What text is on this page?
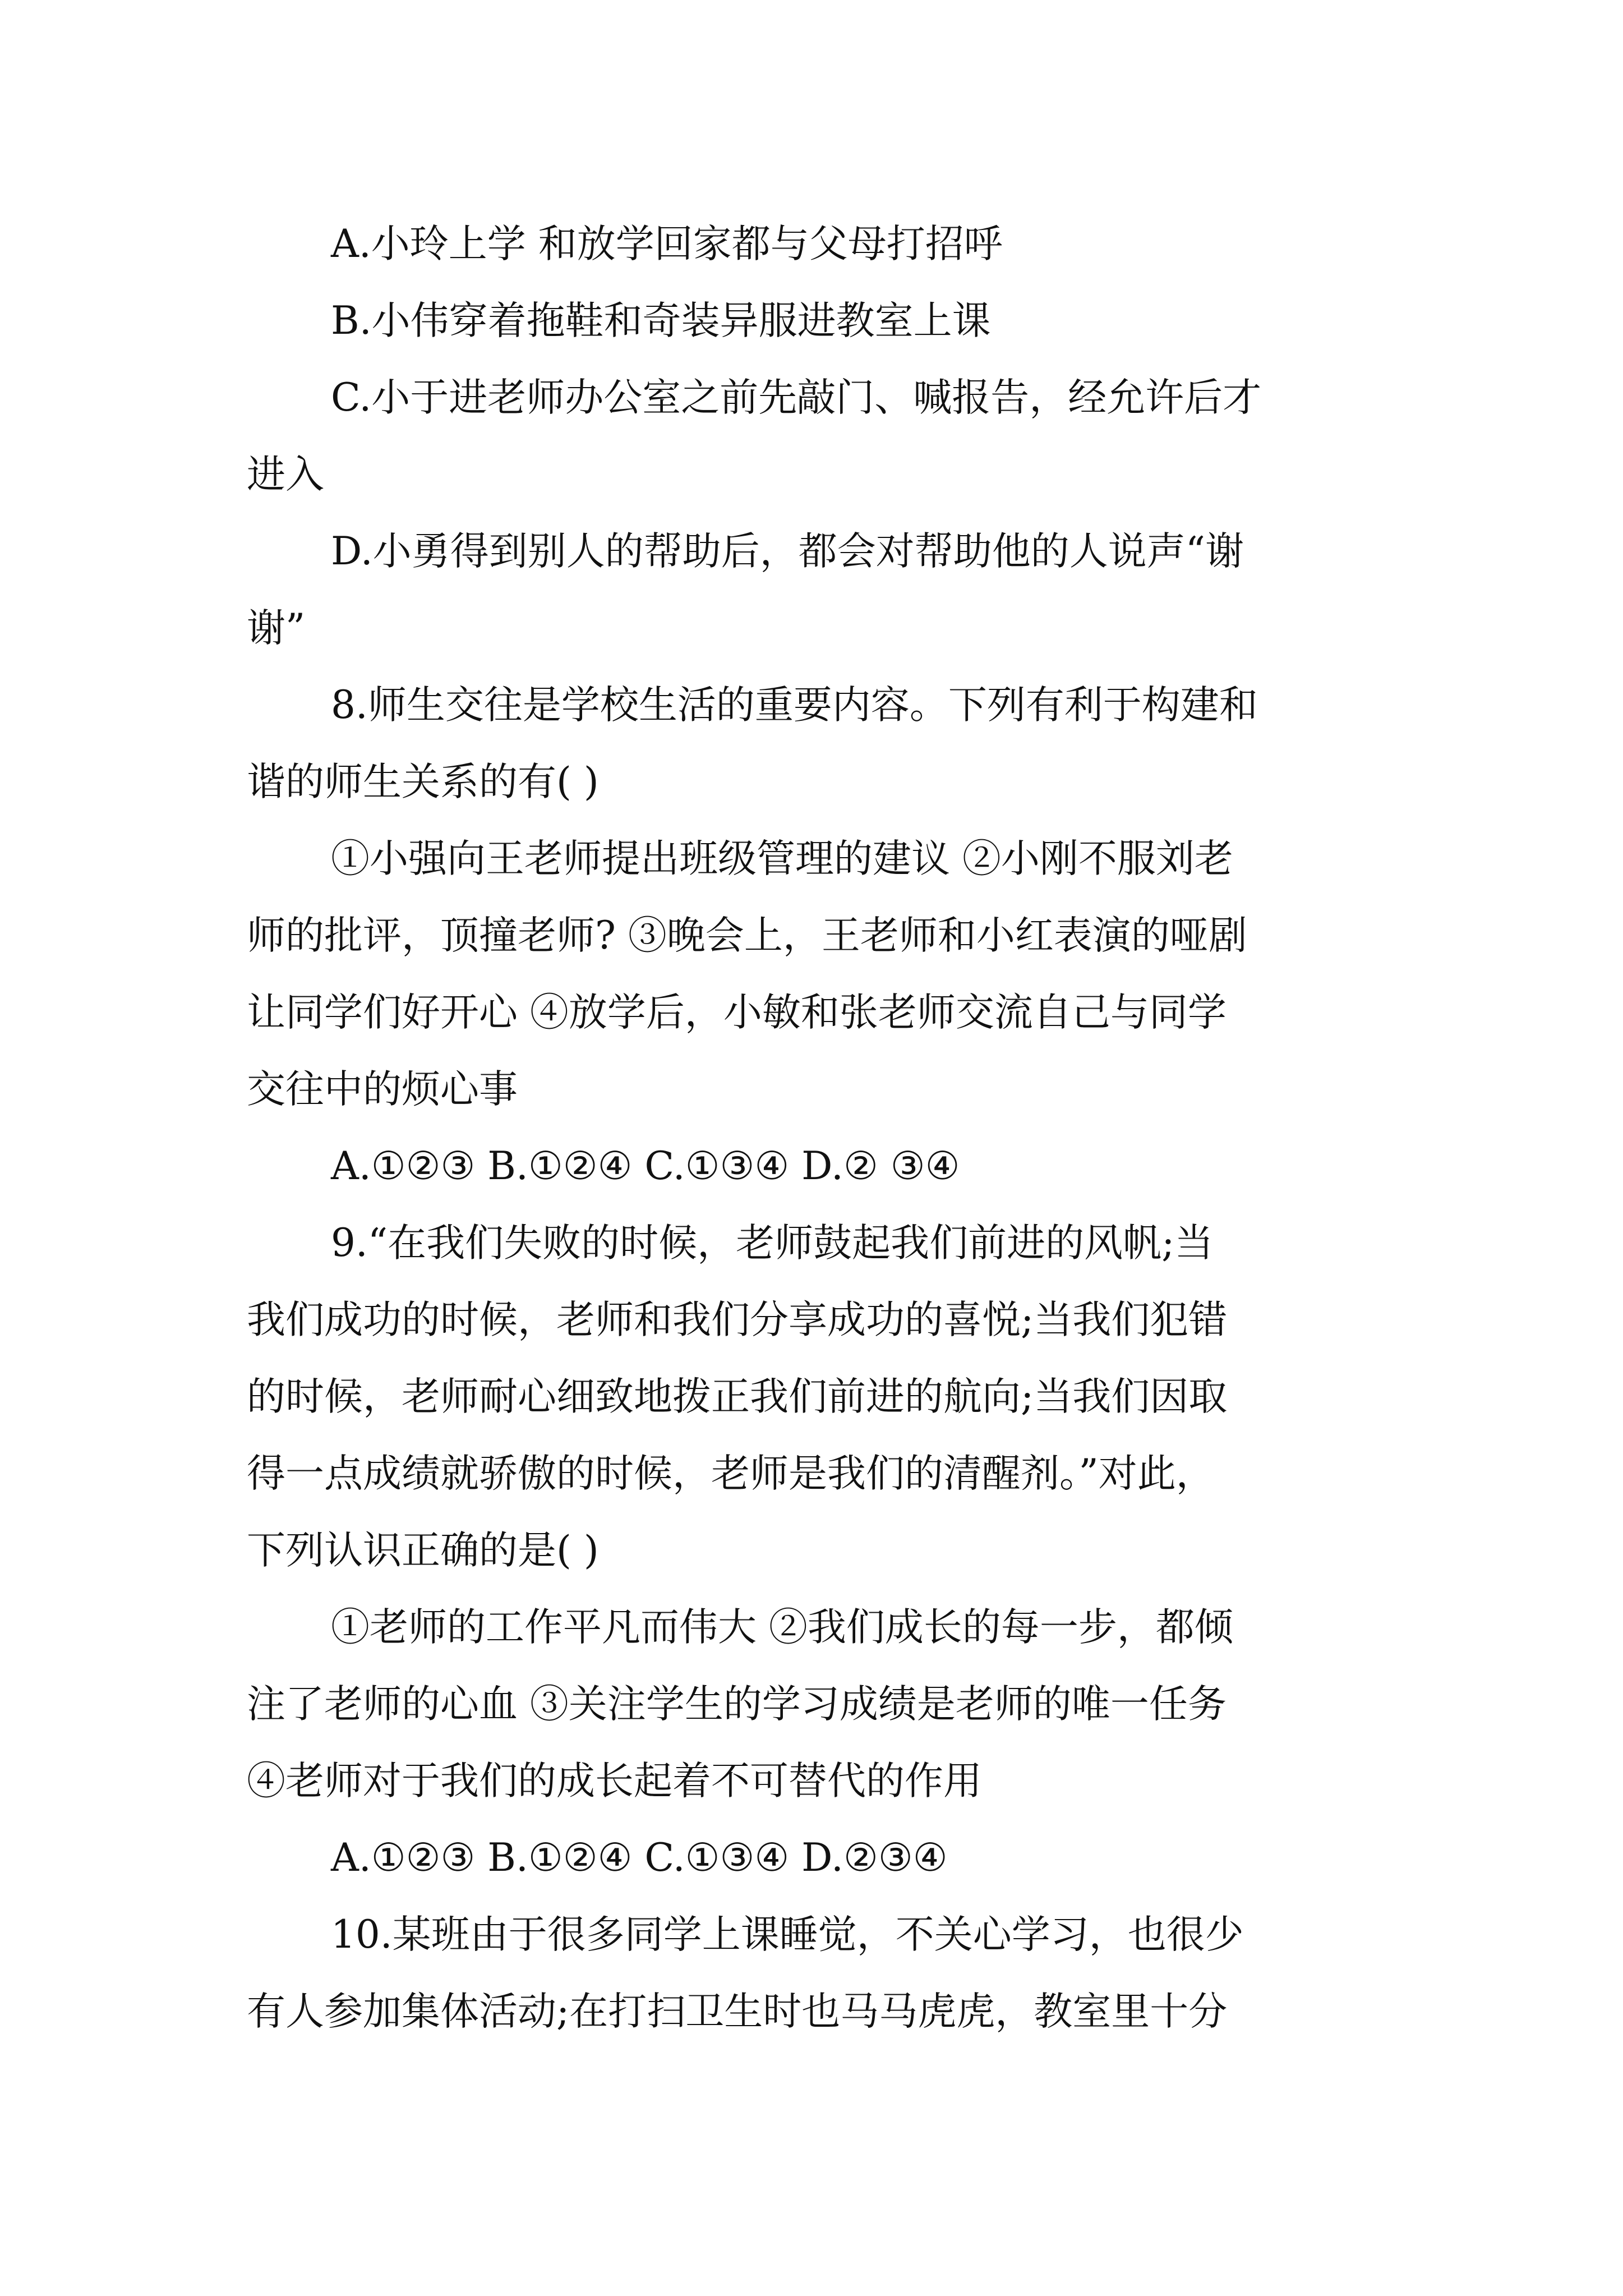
A.小玲上学 和放学回家都与父母打招呼
B.小伟穿着拖鞋和奇装异服进教室上课
C.小于进老师办公室之前先敲门、喊报告，经允许后才
进入
D.小勇得到别人的帮助后，都会对帮助他的人说声“谢
谢”
8.师生交往是学校生活的重要内容。下列有利于构建和
谐的师生关系的有( )
①小强向王老师提出班级管理的建议 ②小刚不服刘老
师的批评，顶撞老师? ③晚会上，王老师和小红表演的哑剧
让同学们好开心 ④放学后，小敏和张老师交流自己与同学
交往中的烦心事
A.①②③ B.①②④ C.①③④ D.② ③④
9.“在我们失败的时候，老师鼓起我们前进的风帆;当
我们成功的时候，老师和我们分享成功的喜悦;当我们犯错
的时候，老师耐心细致地拨正我们前进的航向;当我们因取
得一点成绩就骄傲的时候，老师是我们的清醒剂。”对此，
下列认识正确的是( )
①老师的工作平凡而伟大 ②我们成长的每一步，都倾
注了老师的心血 ③关注学生的学习成绩是老师的唯一任务
④老师对于我们的成长起着不可替代的作用
A.①②③ B.①②④ C.①③④ D.②③④
10.某班由于很多同学上课睡觉，不关心学习，也很少
有人参加集体活动;在打扫卫生时也马马虎虎，教室里十分
